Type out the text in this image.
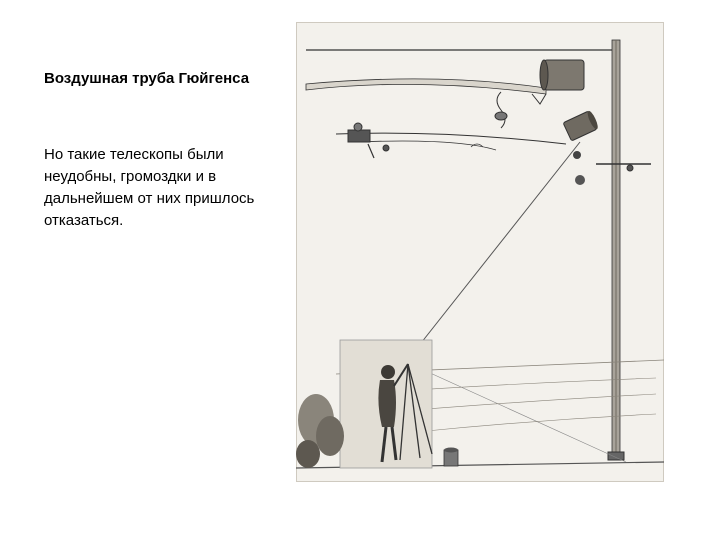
Воздушная труба Гюйгенса
Но такие телескопы были неудобны, громоздки и в дальнейшем от них пришлось отказаться.
